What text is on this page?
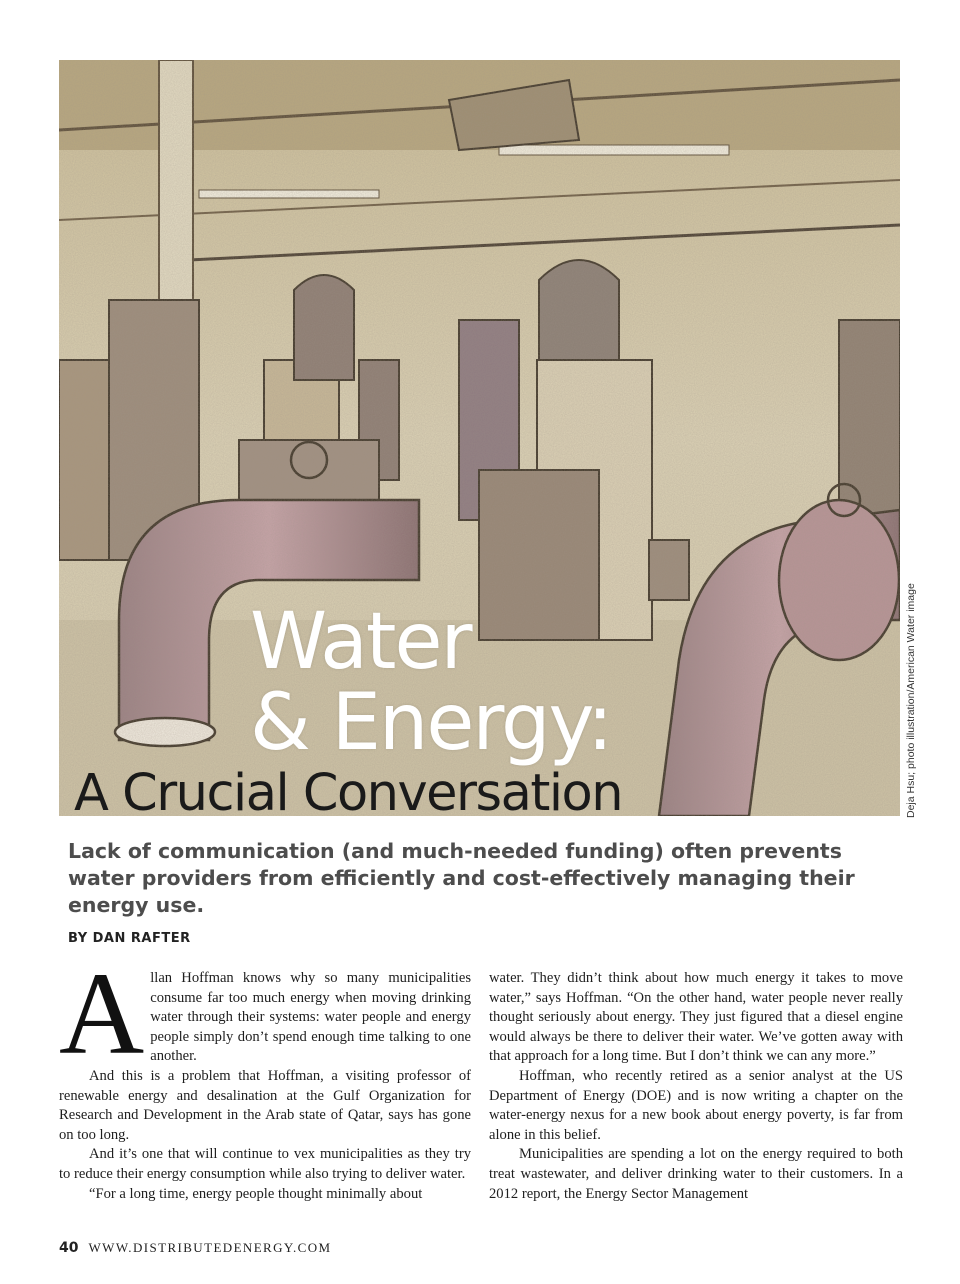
Water
& Energy:
A Crucial Conversation	Deja Hsu; photo illustration/American Water image
Lack of communication (and much-needed funding) often prevents water providers from efficiently and cost-effectively managing their energy use.
BY DAN RAFTER

Allan Hoffman knows why so many municipalities consume far too much energy when moving drinking water through their systems: water people and energy people simply don’t spend enough time talking to one another.

And this is a problem that Hoffman, a visiting professor of renewable energy and desalination at the Gulf Organization for Research and Development in the Arab state of Qatar, says has gone on too long.

And it’s one that will continue to vex municipalities as they try to reduce their energy consumption while also trying to deliver water.

“For a long time, energy people thought minimally about

water. They didn’t think about how much energy it takes to move water,” says Hoffman. “On the other hand, water people never really thought seriously about energy. They just figured that a diesel engine would always be there to deliver their water. We’ve gotten away with that approach for a long time. But I don’t think we can any more.”

Hoffman, who recently retired as a senior analyst at the US Department of Energy (DOE) and is now writing a chapter on the water-energy nexus for a new book about energy poverty, is far from alone in this belief.

Municipalities are spending a lot on the energy required to both treat wastewater, and deliver drinking water to their customers. In a 2012 report, the Energy Sector Management

40 WWW.DISTRIBUTEDENERGY.COM
